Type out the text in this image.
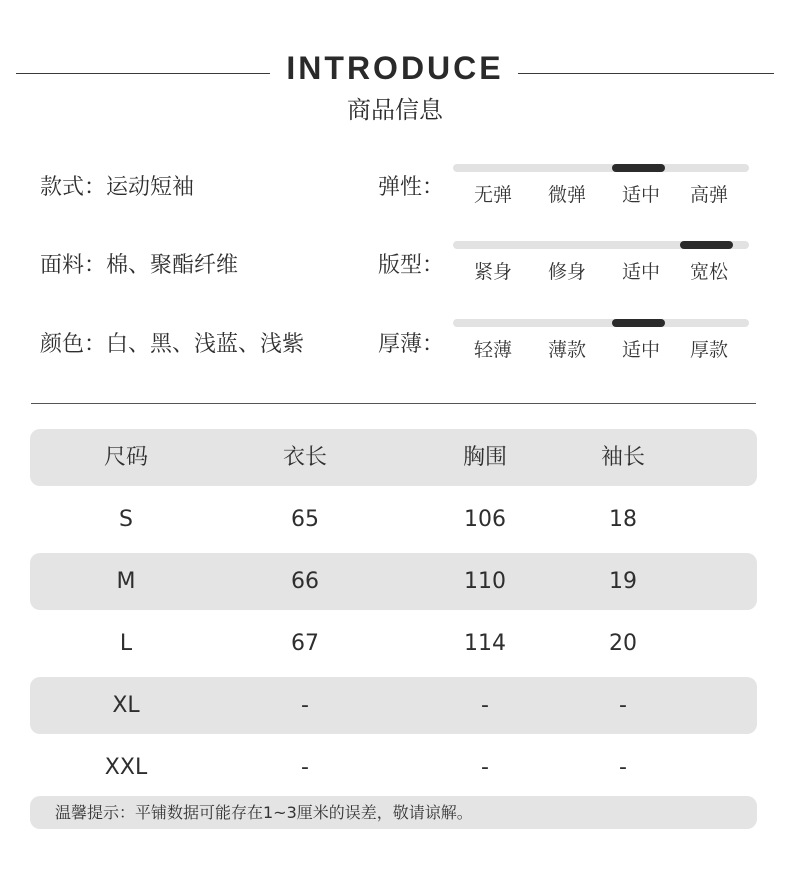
INTRODUCE
商品信息
款式：运动短袖
面料：棉、聚酯纤维
颜色：白、黑、浅蓝、浅紫
弹性：	无弹	微弹	适中	高弹
版型：	紧身	修身	适中	宽松
厚薄：	轻薄	薄款	适中	厚款
尺码	衣长	胸围	袖长
S	65	106	18
M	66	110	19
L	67	114	20
XL	-	-	-
XXL	-	-	-
温馨提示：平铺数据可能存在1~3厘米的误差，敬请谅解。
